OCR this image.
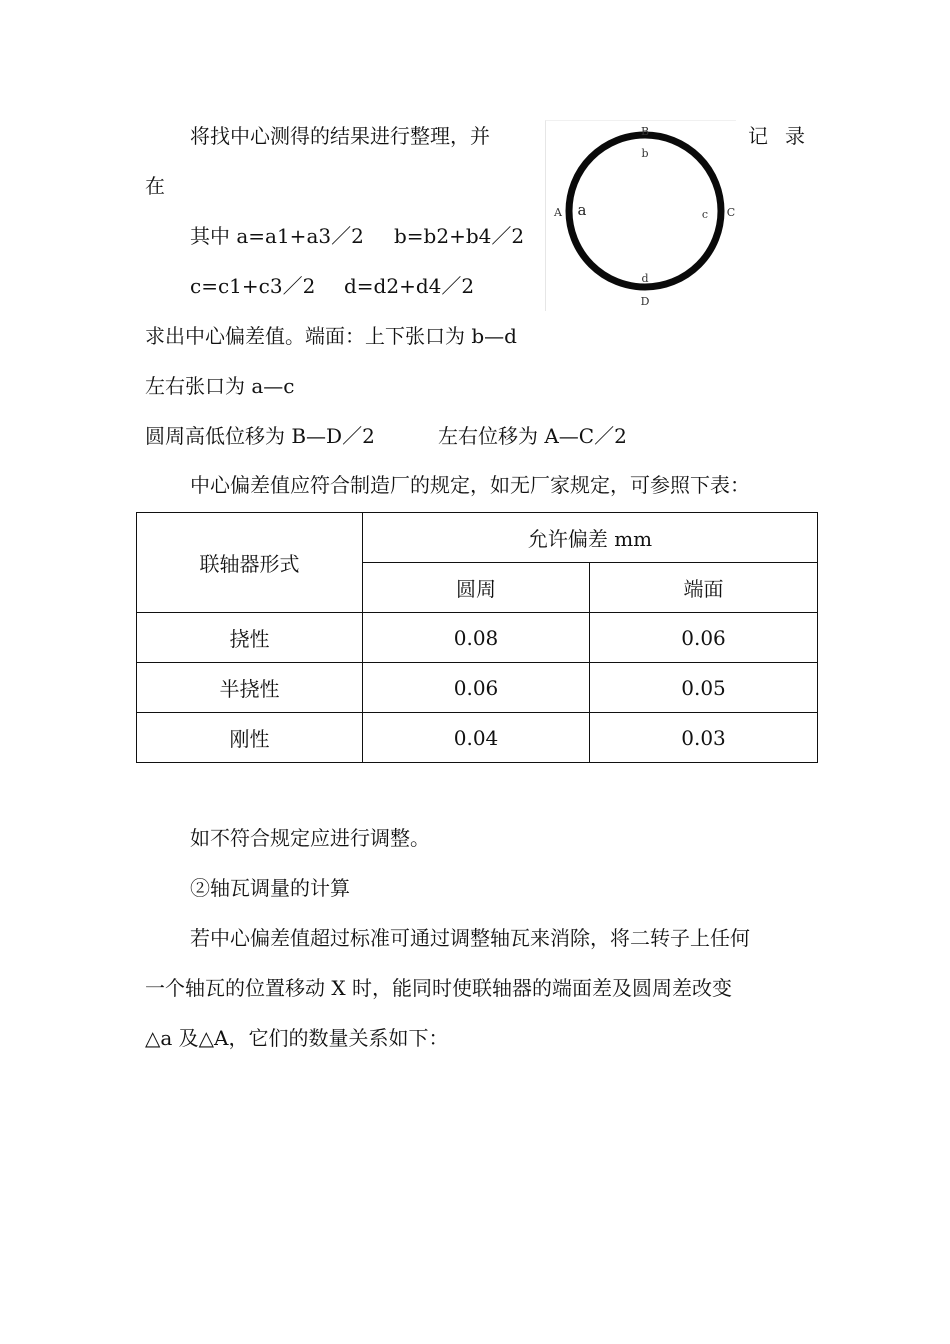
将找中心测得的结果进行整理，并	记 录
在
其中 a=a1+a3／2 b=b2+b4／2
c=c1+c3／2 d=d2+d4／2
B
b
A a	c C
d
D
求出中心偏差值。端面：上下张口为 b—d
左右张口为 a—c
圆周高低位移为 B—D／2	左右位移为 A—C／2
中心偏差值应符合制造厂的规定，如无厂家规定，可参照下表：
联轴器形式	允许偏差 mm	
	圆周	端面
挠性	0.08	0.06
半挠性	0.06	0.05
刚性	0.04	0.03
如不符合规定应进行调整。
②轴瓦调量的计算
若中心偏差值超过标准可通过调整轴瓦来消除，将二转子上任何
一个轴瓦的位置移动 X 时，能同时使联轴器的端面差及圆周差改变
△a 及△A，它们的数量关系如下：
